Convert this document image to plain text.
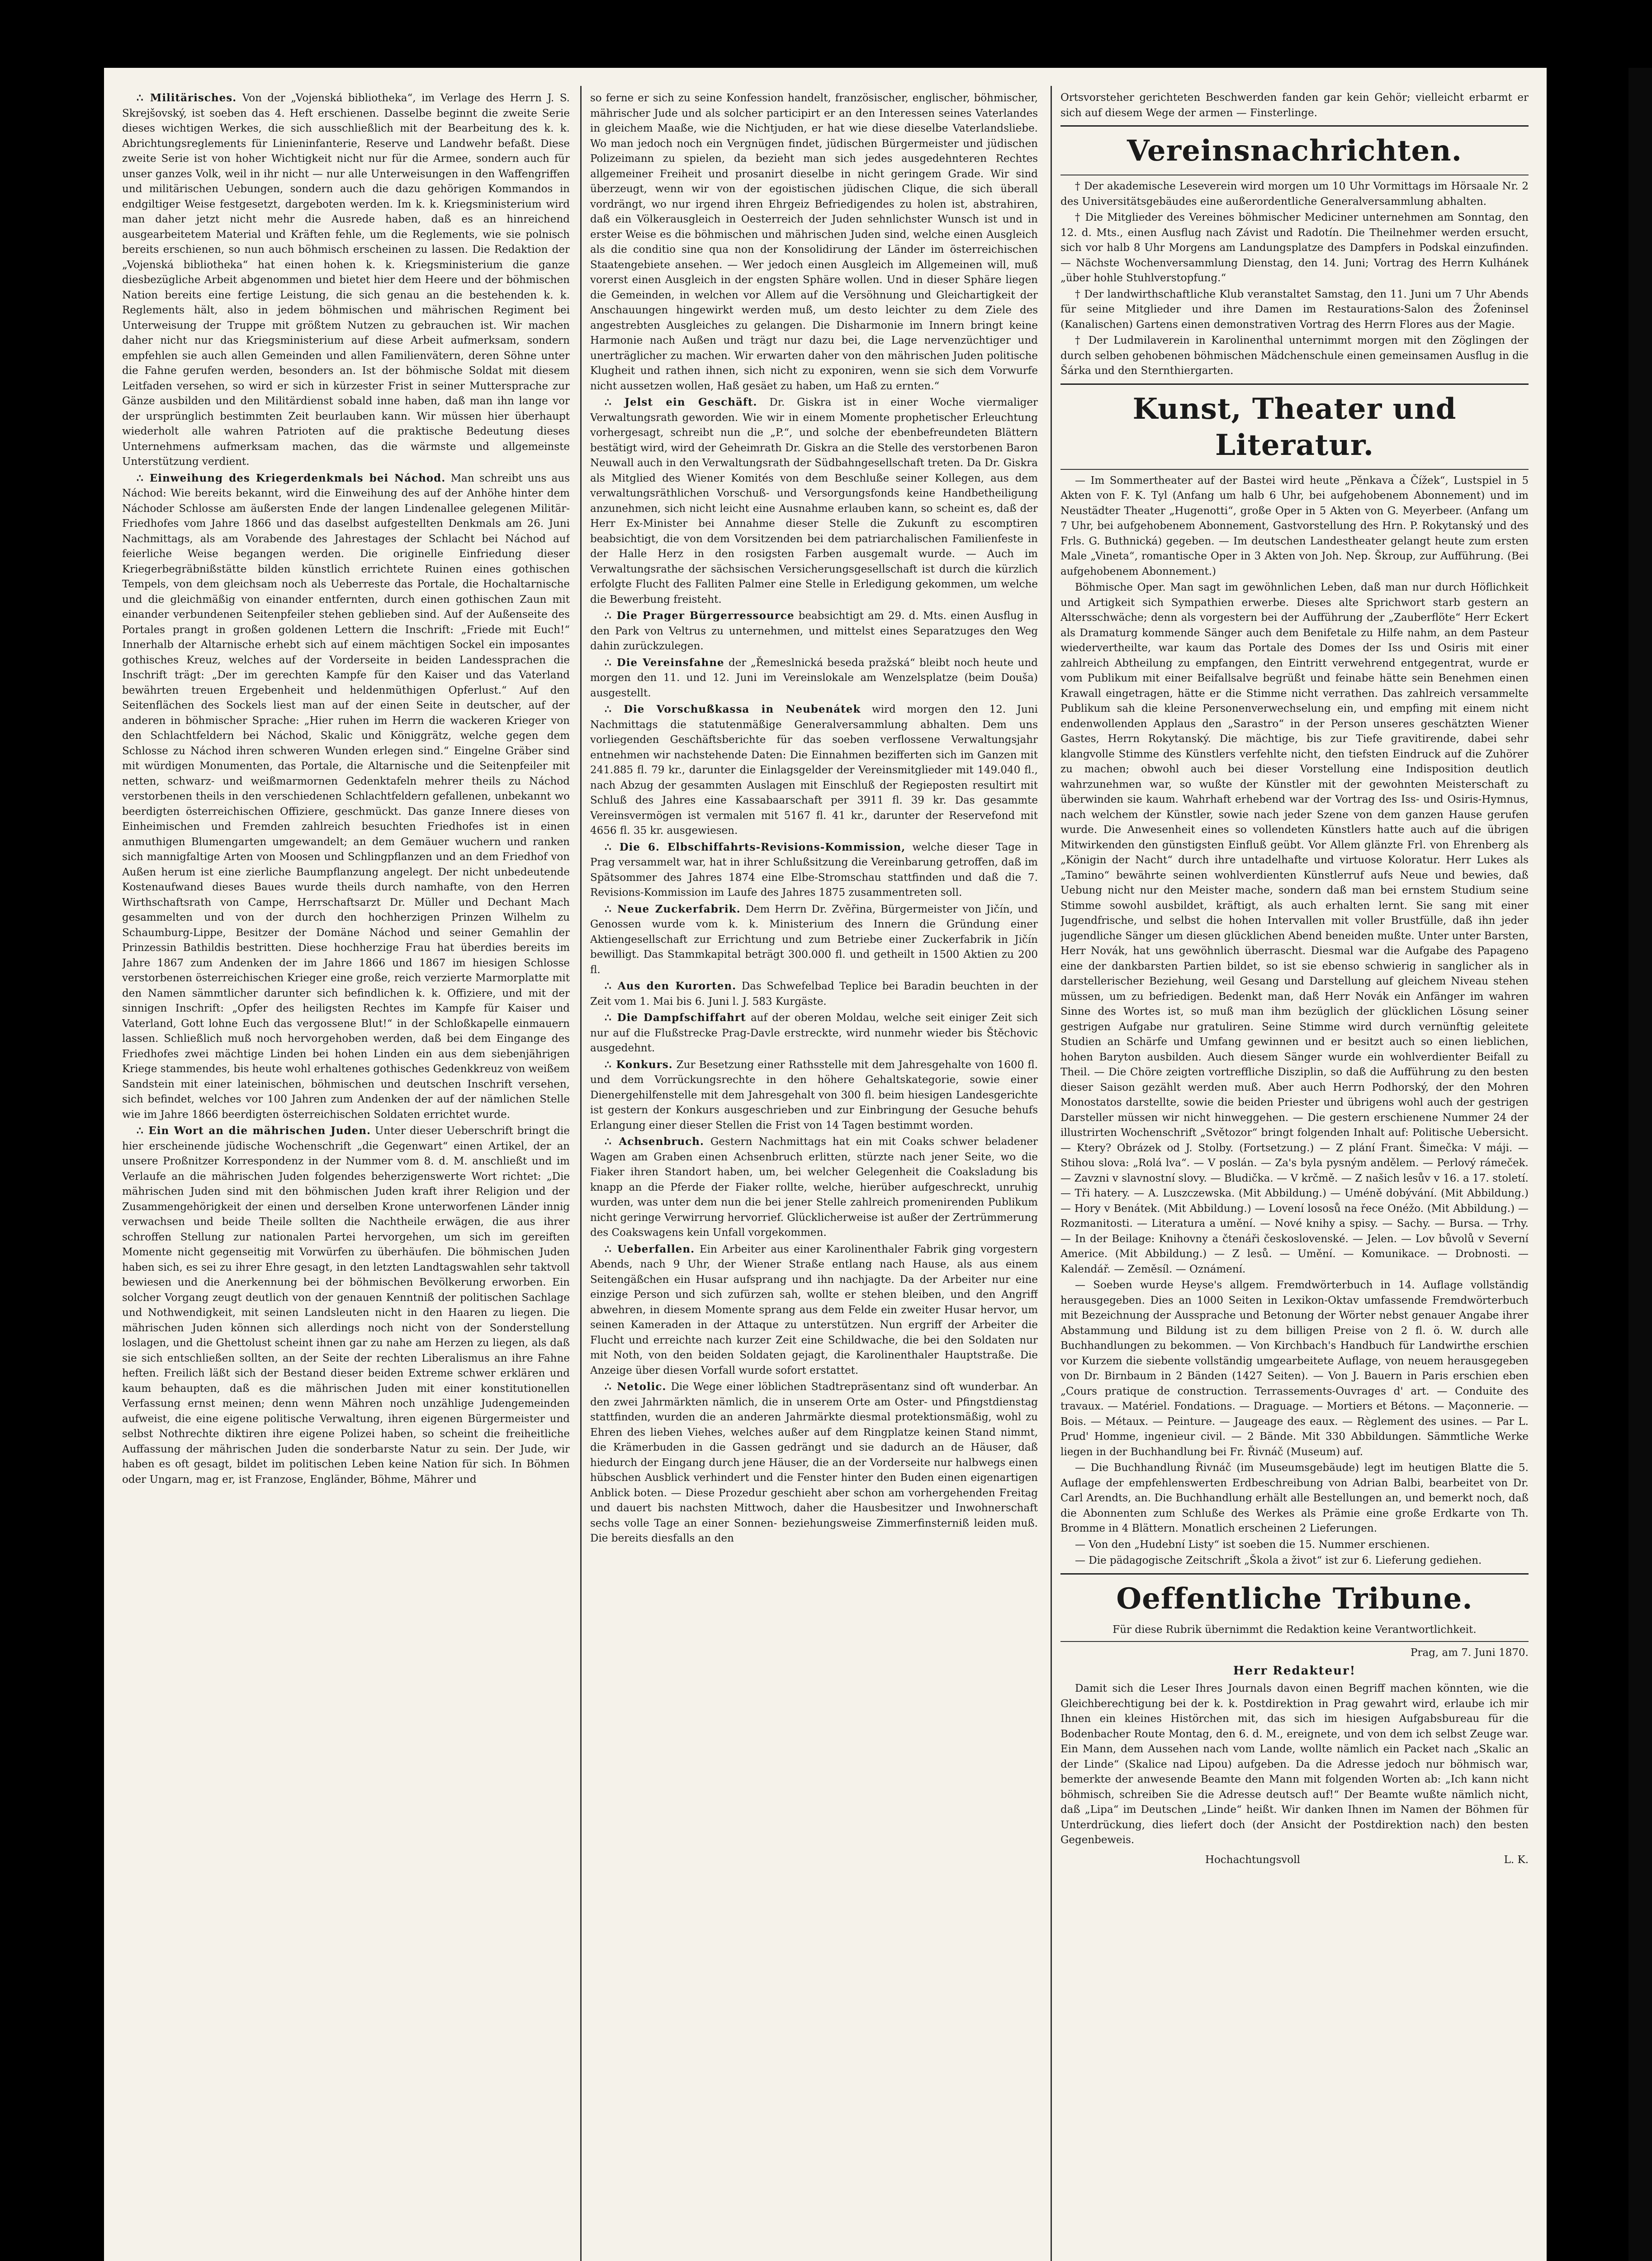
∴ Militärisches. Von der „Vojenská bibliotheka“, im Verlage des Herrn J. S. Skrejšovský, ist soeben das 4. Heft erschienen. Dasselbe beginnt die zweite Serie dieses wichtigen Werkes, die sich ausschließlich mit der Bearbeitung des k. k. Abrichtungsreglements für Linieninfanterie, Reserve und Landwehr befaßt. Diese zweite Serie ist von hoher Wichtigkeit nicht nur für die Armee, sondern auch für unser ganzes Volk, weil in ihr nicht — nur alle Unterweisungen in den Waffengriffen und militärischen Uebungen, sondern auch die dazu gehörigen Kommandos in endgiltiger Weise festgesetzt, dargeboten werden. Im k. k. Kriegsministerium wird man daher jetzt nicht mehr die Ausrede haben, daß es an hinreichend ausgearbeitetem Material und Kräften fehle, um die Reglements, wie sie polnisch bereits erschienen, so nun auch böhmisch erscheinen zu lassen. Die Redaktion der „Vojenská bibliotheka“ hat einen hohen k. k. Kriegsministerium die ganze diesbezügliche Arbeit abgenommen und bietet hier dem Heere und der böhmischen Nation bereits eine fertige Leistung, die sich genau an die bestehenden k. k. Reglements hält, also in jedem böhmischen und mährischen Regiment bei Unterweisung der Truppe mit größtem Nutzen zu gebrauchen ist. Wir machen daher nicht nur das Kriegsministerium auf diese Arbeit aufmerksam, sondern empfehlen sie auch allen Gemeinden und allen Familienvätern, deren Söhne unter die Fahne gerufen werden, besonders an. Ist der böhmische Soldat mit diesem Leitfaden versehen, so wird er sich in kürzester Frist in seiner Muttersprache zur Gänze ausbilden und den Militärdienst sobald inne haben, daß man ihn lange vor der ursprünglich bestimmten Zeit beurlauben kann. Wir müssen hier überhaupt wiederholt alle wahren Patrioten auf die praktische Bedeutung dieses Unternehmens aufmerksam machen, das die wärmste und allgemeinste Unterstützung verdient.

∴ Einweihung des Kriegerdenkmals bei Náchod. Man schreibt uns aus Náchod: Wie bereits bekannt, wird die Einweihung des auf der Anhöhe hinter dem Náchoder Schlosse am äußersten Ende der langen Lindenallee gelegenen Militär-Friedhofes vom Jahre 1866 und das daselbst aufgestellten Denkmals am 26. Juni Nachmittags, als am Vorabende des Jahrestages der Schlacht bei Náchod auf feierliche Weise begangen werden. Die originelle Einfriedung dieser Kriegerbegräbnißstätte bilden künstlich errichtete Ruinen eines gothischen Tempels, von dem gleichsam noch als Ueberreste das Portale, die Hochaltarnische und die gleichmäßig von einander entfernten, durch einen gothischen Zaun mit einander verbundenen Seitenpfeiler stehen geblieben sind. Auf der Außenseite des Portales prangt in großen goldenen Lettern die Inschrift: „Friede mit Euch!“ Innerhalb der Altarnische erhebt sich auf einem mächtigen Sockel ein imposantes gothisches Kreuz, welches auf der Vorderseite in beiden Landessprachen die Inschrift trägt: „Der im gerechten Kampfe für den Kaiser und das Vaterland bewährten treuen Ergebenheit und heldenmüthigen Opferlust.“ Auf den Seitenflächen des Sockels liest man auf der einen Seite in deutscher, auf der anderen in böhmischer Sprache: „Hier ruhen im Herrn die wackeren Krieger von den Schlachtfeldern bei Náchod, Skalic und Königgrätz, welche gegen dem Schlosse zu Náchod ihren schweren Wunden erlegen sind.“ Eingelne Gräber sind mit würdigen Monumenten, das Portale, die Altarnische und die Seitenpfeiler mit netten, schwarz- und weißmarmornen Gedenktafeln mehrer theils zu Náchod verstorbenen theils in den verschiedenen Schlachtfeldern gefallenen, unbekannt wo beerdigten österreichischen Offiziere, geschmückt. Das ganze Innere dieses von Einheimischen und Fremden zahlreich besuchten Friedhofes ist in einen anmuthigen Blumengarten umgewandelt; an dem Gemäuer wuchern und ranken sich mannigfaltige Arten von Moosen und Schlingpflanzen und an dem Friedhof von Außen herum ist eine zierliche Baumpflanzung angelegt. Der nicht unbedeutende Kostenaufwand dieses Baues wurde theils durch namhafte, von den Herren Wirthschaftsrath von Campe, Herrschaftsarzt Dr. Müller und Dechant Mach gesammelten und von der durch den hochherzigen Prinzen Wilhelm zu Schaumburg-Lippe, Besitzer der Domäne Náchod und seiner Gemahlin der Prinzessin Bathildis bestritten. Diese hochherzige Frau hat überdies bereits im Jahre 1867 zum Andenken der im Jahre 1866 und 1867 im hiesigen Schlosse verstorbenen österreichischen Krieger eine große, reich verzierte Marmorplatte mit den Namen sämmtlicher darunter sich befindlichen k. k. Offiziere, und mit der sinnigen Inschrift: „Opfer des heiligsten Rechtes im Kampfe für Kaiser und Vaterland, Gott lohne Euch das vergossene Blut!“ in der Schloßkapelle einmauern lassen. Schließlich muß noch hervorgehoben werden, daß bei dem Eingange des Friedhofes zwei mächtige Linden bei hohen Linden ein aus dem siebenjährigen Kriege stammendes, bis heute wohl erhaltenes gothisches Gedenkkreuz von weißem Sandstein mit einer lateinischen, böhmischen und deutschen Inschrift versehen, sich befindet, welches vor 100 Jahren zum Andenken der auf der nämlichen Stelle wie im Jahre 1866 beerdigten österreichischen Soldaten errichtet wurde.

∴ Ein Wort an die mährischen Juden. Unter dieser Ueberschrift bringt die hier erscheinende jüdische Wochenschrift „die Gegenwart“ einen Artikel, der an unsere Proßnitzer Korrespondenz in der Nummer vom 8. d. M. anschließt und im Verlaufe an die mährischen Juden folgendes beherzigenswerte Wort richtet: „Die mährischen Juden sind mit den böhmischen Juden kraft ihrer Religion und der Zusammengehörigkeit der einen und derselben Krone unterworfenen Länder innig verwachsen und beide Theile sollten die Nachtheile erwägen, die aus ihrer schroffen Stellung zur nationalen Partei hervorgehen, um sich im gereiften Momente nicht gegenseitig mit Vorwürfen zu überhäufen. Die böhmischen Juden haben sich, es sei zu ihrer Ehre gesagt, in den letzten Landtagswahlen sehr taktvoll bewiesen und die Anerkennung bei der böhmischen Bevölkerung erworben. Ein solcher Vorgang zeugt deutlich von der genauen Kenntniß der politischen Sachlage und Nothwendigkeit, mit seinen Landsleuten nicht in den Haaren zu liegen. Die mährischen Juden können sich allerdings noch nicht von der Sonderstellung loslagen, und die Ghettolust scheint ihnen gar zu nahe am Herzen zu liegen, als daß sie sich entschließen sollten, an der Seite der rechten Liberalismus an ihre Fahne heften. Freilich läßt sich der Bestand dieser beiden Extreme schwer erklären und kaum behaupten, daß es die mährischen Juden mit einer konstitutionellen Verfassung ernst meinen; denn wenn Mähren noch unzählige Judengemeinden aufweist, die eine eigene politische Verwaltung, ihren eigenen Bürgermeister und selbst Nothrechte diktiren ihre eigene Polizei haben, so scheint die freiheitliche Auffassung der mährischen Juden die sonderbarste Natur zu sein. Der Jude, wir haben es oft gesagt, bildet im politischen Leben keine Nation für sich. In Böhmen oder Ungarn, mag er, ist Franzose, Engländer, Böhme, Mährer und

so ferne er sich zu seine Konfession handelt, französischer, englischer, böhmischer, mährischer Jude und als solcher participirt er an den Interessen seines Vaterlandes in gleichem Maaße, wie die Nichtjuden, er hat wie diese dieselbe Vaterlandsliebe. Wo man jedoch noch ein Vergnügen findet, jüdischen Bürgermeister und jüdischen Polizeimann zu spielen, da bezieht man sich jedes ausgedehnteren Rechtes allgemeiner Freiheit und prosanirt dieselbe in nicht geringem Grade. Wir sind überzeugt, wenn wir von der egoistischen jüdischen Clique, die sich überall vordrängt, wo nur irgend ihren Ehrgeiz Befriedigendes zu holen ist, abstrahiren, daß ein Völkerausgleich in Oesterreich der Juden sehnlichster Wunsch ist und in erster Weise es die böhmischen und mährischen Juden sind, welche einen Ausgleich als die conditio sine qua non der Konsolidirung der Länder im österreichischen Staatengebiete ansehen. — Wer jedoch einen Ausgleich im Allgemeinen will, muß vorerst einen Ausgleich in der engsten Sphäre wollen. Und in dieser Sphäre liegen die Gemeinden, in welchen vor Allem auf die Versöhnung und Gleichartigkeit der Anschauungen hingewirkt werden muß, um desto leichter zu dem Ziele des angestrebten Ausgleiches zu gelangen. Die Disharmonie im Innern bringt keine Harmonie nach Außen und trägt nur dazu bei, die Lage nervenzüchtiger und unerträglicher zu machen. Wir erwarten daher von den mährischen Juden politische Klugheit und rathen ihnen, sich nicht zu exponiren, wenn sie sich dem Vorwurfe nicht aussetzen wollen, Haß gesäet zu haben, um Haß zu ernten.“

∴ Jelst ein Geschäft. Dr. Giskra ist in einer Woche viermaliger Verwaltungsrath geworden. Wie wir in einem Momente prophetischer Erleuchtung vorhergesagt, schreibt nun die „P.“, und solche der ebenbefreundeten Blättern bestätigt wird, wird der Geheimrath Dr. Giskra an die Stelle des verstorbenen Baron Neuwall auch in den Verwaltungsrath der Südbahngesellschaft treten. Da Dr. Giskra als Mitglied des Wiener Komités von dem Beschluße seiner Kollegen, aus dem verwaltungsräthlichen Vorschuß- und Versorgungsfonds keine Handbetheiligung anzunehmen, sich nicht leicht eine Ausnahme erlauben kann, so scheint es, daß der Herr Ex-Minister bei Annahme dieser Stelle die Zukunft zu escomptiren beabsichtigt, die von dem Vorsitzenden bei dem patriarchalischen Familienfeste in der Halle Herz in den rosigsten Farben ausgemalt wurde. — Auch im Verwaltungsrathe der sächsischen Versicherungsgesellschaft ist durch die kürzlich erfolgte Flucht des Falliten Palmer eine Stelle in Erledigung gekommen, um welche die Bewerbung freisteht.

∴ Die Prager Bürgerressource beabsichtigt am 29. d. Mts. einen Ausflug in den Park von Veltrus zu unternehmen, und mittelst eines Separatzuges den Weg dahin zurückzulegen.

∴ Die Vereinsfahne der „Řemeslnická beseda pražská“ bleibt noch heute und morgen den 11. und 12. Juni im Vereinslokale am Wenzelsplatze (beim Douša) ausgestellt.

∴ Die Vorschußkassa in Neubenátek wird morgen den 12. Juni Nachmittags die statutenmäßige Generalversammlung abhalten. Dem uns vorliegenden Geschäftsberichte für das soeben verflossene Verwaltungsjahr entnehmen wir nachstehende Daten: Die Einnahmen bezifferten sich im Ganzen mit 241.885 fl. 79 kr., darunter die Einlagsgelder der Vereinsmitglieder mit 149.040 fl., nach Abzug der gesammten Auslagen mit Einschluß der Regieposten resultirt mit Schluß des Jahres eine Kassabaarschaft per 3911 fl. 39 kr. Das gesammte Vereinsvermögen ist vermalen mit 5167 fl. 41 kr., darunter der Reservefond mit 4656 fl. 35 kr. ausgewiesen.

∴ Die 6. Elbschiffahrts-Revisions-Kommission, welche dieser Tage in Prag versammelt war, hat in ihrer Schlußsitzung die Vereinbarung getroffen, daß im Spätsommer des Jahres 1874 eine Elbe-Stromschau stattfinden und daß die 7. Revisions-Kommission im Laufe des Jahres 1875 zusammentreten soll.

∴ Neue Zuckerfabrik. Dem Herrn Dr. Zvěřina, Bürgermeister von Jičín, und Genossen wurde vom k. k. Ministerium des Innern die Gründung einer Aktiengesellschaft zur Errichtung und zum Betriebe einer Zuckerfabrik in Jičín bewilligt. Das Stammkapital beträgt 300.000 fl. und getheilt in 1500 Aktien zu 200 fl.

∴ Aus den Kurorten. Das Schwefelbad Teplice bei Baradin beuchten in der Zeit vom 1. Mai bis 6. Juni l. J. 583 Kurgäste.

∴ Die Dampfschiffahrt auf der oberen Moldau, welche seit einiger Zeit sich nur auf die Flußstrecke Prag-Davle erstreckte, wird nunmehr wieder bis Štěchovic ausgedehnt.

∴ Konkurs. Zur Besetzung einer Rathsstelle mit dem Jahresgehalte von 1600 fl. und dem Vorrückungsrechte in den höhere Gehaltskategorie, sowie einer Dienergehilfenstelle mit dem Jahresgehalt von 300 fl. beim hiesigen Landesgerichte ist gestern der Konkurs ausgeschrieben und zur Einbringung der Gesuche behufs Erlangung einer dieser Stellen die Frist von 14 Tagen bestimmt worden.

∴ Achsenbruch. Gestern Nachmittags hat ein mit Coaks schwer beladener Wagen am Graben einen Achsenbruch erlitten, stürzte nach jener Seite, wo die Fiaker ihren Standort haben, um, bei welcher Gelegenheit die Coaksladung bis knapp an die Pferde der Fiaker rollte, welche, hierüber aufgeschreckt, unruhig wurden, was unter dem nun die bei jener Stelle zahlreich promenirenden Publikum nicht geringe Verwirrung hervorrief. Glücklicherweise ist außer der Zertrümmerung des Coakswagens kein Unfall vorgekommen.

∴ Ueberfallen. Ein Arbeiter aus einer Karolinenthaler Fabrik ging vorgestern Abends, nach 9 Uhr, der Wiener Straße entlang nach Hause, als aus einem Seitengäßchen ein Husar aufsprang und ihn nachjagte. Da der Arbeiter nur eine einzige Person und sich zufürzen sah, wollte er stehen bleiben, und den Angriff abwehren, in diesem Momente sprang aus dem Felde ein zweiter Husar hervor, um seinen Kameraden in der Attaque zu unterstützen. Nun ergriff der Arbeiter die Flucht und erreichte nach kurzer Zeit eine Schildwache, die bei den Soldaten nur mit Noth, von den beiden Soldaten gejagt, die Karolinenthaler Hauptstraße. Die Anzeige über diesen Vorfall wurde sofort erstattet.

∴ Netolic. Die Wege einer löblichen Stadtrepräsentanz sind oft wunderbar. An den zwei Jahrmärkten nämlich, die in unserem Orte am Oster- und Pfingstdienstag stattfinden, wurden die an anderen Jahrmärkte diesmal protektionsmäßig, wohl zu Ehren des lieben Viehes, welches außer auf dem Ringplatze keinen Stand nimmt, die Krämerbuden in die Gassen gedrängt und sie dadurch an de Häuser, daß hiedurch der Eingang durch jene Häuser, die an der Vorderseite nur halbwegs einen hübschen Ausblick verhindert und die Fenster hinter den Buden einen eigenartigen Anblick boten. — Diese Prozedur geschieht aber schon am vorhergehenden Freitag und dauert bis nachsten Mittwoch, daher die Hausbesitzer und Inwohnerschaft sechs volle Tage an einer Sonnen- beziehungsweise Zimmerfinsterniß leiden muß. Die bereits diesfalls an den

Ortsvorsteher gerichteten Beschwerden fanden gar kein Gehör; vielleicht erbarmt er sich auf diesem Wege der armen — Finsterlinge.

Vereinsnachrichten.

† Der akademische Leseverein wird morgen um 10 Uhr Vormittags im Hörsaale Nr. 2 des Universitätsgebäudes eine außerordentliche Generalversammlung abhalten.

† Die Mitglieder des Vereines böhmischer Mediciner unternehmen am Sonntag, den 12. d. Mts., einen Ausflug nach Závist und Radotín. Die Theilnehmer werden ersucht, sich vor halb 8 Uhr Morgens am Landungsplatze des Dampfers in Podskal einzufinden. — Nächste Wochenversammlung Dienstag, den 14. Juni; Vortrag des Herrn Kulhánek „über hohle Stuhlverstopfung.“

† Der landwirthschaftliche Klub veranstaltet Samstag, den 11. Juni um 7 Uhr Abends für seine Mitglieder und ihre Damen im Restaurations-Salon des Žofeninsel (Kanalischen) Gartens einen demonstrativen Vortrag des Herrn Flores aus der Magie.

† Der Ludmilaverein in Karolinenthal unternimmt morgen mit den Zöglingen der durch selben gehobenen böhmischen Mädchenschule einen gemeinsamen Ausflug in die Šárka und den Sternthiergarten.

Kunst, Theater und Literatur.

— Im Sommertheater auf der Bastei wird heute „Pěnkava a Čížek“, Lustspiel in 5 Akten von F. K. Tyl (Anfang um halb 6 Uhr, bei aufgehobenem Abonnement) und im Neustädter Theater „Hugenotti“, große Oper in 5 Akten von G. Meyerbeer. (Anfang um 7 Uhr, bei aufgehobenem Abonnement, Gastvorstellung des Hrn. P. Rokytanský und des Frls. G. Buthnická) gegeben. — Im deutschen Landestheater gelangt heute zum ersten Male „Vineta“, romantische Oper in 3 Akten von Joh. Nep. Škroup, zur Aufführung. (Bei aufgehobenem Abonnement.)

Böhmische Oper. Man sagt im gewöhnlichen Leben, daß man nur durch Höflichkeit und Artigkeit sich Sympathien erwerbe. Dieses alte Sprichwort starb gestern an Altersschwäche; denn als vorgestern bei der Aufführung der „Zauberflöte“ Herr Eckert als Dramaturg kommende Sänger auch dem Benifetale zu Hilfe nahm, an dem Pasteur wiedervertheilte, war kaum das Portale des Domes der Iss und Osiris mit einer zahlreich Abtheilung zu empfangen, den Eintritt verwehrend entgegentrat, wurde er vom Publikum mit einer Beifallsalve begrüßt und feinabe hätte sein Benehmen einen Krawall eingetragen, hätte er die Stimme nicht verrathen. Das zahlreich versammelte Publikum sah die kleine Personenverwechselung ein, und empfing mit einem nicht endenwollenden Applaus den „Sarastro“ in der Person unseres geschätzten Wiener Gastes, Herrn Rokytanský. Die mächtige, bis zur Tiefe gravitirende, dabei sehr klangvolle Stimme des Künstlers verfehlte nicht, den tiefsten Eindruck auf die Zuhörer zu machen; obwohl auch bei dieser Vorstellung eine Indisposition deutlich wahrzunehmen war, so wußte der Künstler mit der gewohnten Meisterschaft zu überwinden sie kaum. Wahrhaft erhebend war der Vortrag des Iss- und Osiris-Hymnus, nach welchem der Künstler, sowie nach jeder Szene von dem ganzen Hause gerufen wurde. Die Anwesenheit eines so vollendeten Künstlers hatte auch auf die übrigen Mitwirkenden den günstigsten Einfluß geübt. Vor Allem glänzte Frl. von Ehrenberg als „Königin der Nacht“ durch ihre untadelhafte und virtuose Koloratur. Herr Lukes als „Tamino“ bewährte seinen wohlverdienten Künstlerruf aufs Neue und bewies, daß Uebung nicht nur den Meister mache, sondern daß man bei ernstem Studium seine Stimme sowohl ausbildet, kräftigt, als auch erhalten lernt. Sie sang mit einer Jugendfrische, und selbst die hohen Intervallen mit voller Brustfülle, daß ihn jeder jugendliche Sänger um diesen glücklichen Abend beneiden mußte. Unter unter Barsten, Herr Novák, hat uns gewöhnlich überrascht. Diesmal war die Aufgabe des Papageno eine der dankbarsten Partien bildet, so ist sie ebenso schwierig in sanglicher als in darstellerischer Beziehung, weil Gesang und Darstellung auf gleichem Niveau stehen müssen, um zu befriedigen. Bedenkt man, daß Herr Novák ein Anfänger im wahren Sinne des Wortes ist, so muß man ihm bezüglich der glücklichen Lösung seiner gestrigen Aufgabe nur gratuliren. Seine Stimme wird durch vernünftig geleitete Studien an Schärfe und Umfang gewinnen und er besitzt auch so einen lieblichen, hohen Baryton ausbilden. Auch diesem Sänger wurde ein wohlverdienter Beifall zu Theil. — Die Chöre zeigten vortreffliche Disziplin, so daß die Aufführung zu den besten dieser Saison gezählt werden muß. Aber auch Herrn Podhorský, der den Mohren Monostatos darstellte, sowie die beiden Priester und übrigens wohl auch der gestrigen Darsteller müssen wir nicht hinweggehen. — Die gestern erschienene Nummer 24 der illustrirten Wochenschrift „Světozor“ bringt folgenden Inhalt auf: Politische Uebersicht. — Ktery? Obrázek od J. Stolby. (Fortsetzung.) — Z plání Frant. Šimečka: V máji. — Stihou slova: „Rolá lva“. — V poslán. — Za's byla pysným andělem. — Perlový rámeček. — Zavzni v slavnostní slovy. — Bludička. — V krčmě. — Z našich lesův v 16. a 17. století. — Tři hatery. — A. Luszczewska. (Mit Abbildung.) — Uméně dobývání. (Mit Abbildung.) — Hory v Benátek. (Mit Abbildung.) — Lovení lososů na řece Onéžo. (Mit Abbildung.) — Rozmanitosti. — Literatura a umění. — Nové knihy a spisy. — Sachy. — Bursa. — Trhy. — In der Beilage: Knihovny a čtenáři československé. — Jelen. — Lov bůvolů v Severní Americe. (Mit Abbildung.) — Z lesů. — Umění. — Komunikace. — Drobnosti. — Kalendář. — Zeměsíl. — Oznámení.

— Soeben wurde Heyse's allgem. Fremdwörterbuch in 14. Auflage vollständig herausgegeben. Dies an 1000 Seiten in Lexikon-Oktav umfassende Fremdwörterbuch mit Bezeichnung der Aussprache und Betonung der Wörter nebst genauer Angabe ihrer Abstammung und Bildung ist zu dem billigen Preise von 2 fl. ö. W. durch alle Buchhandlungen zu bekommen. — Von Kirchbach's Handbuch für Landwirthe erschien vor Kurzem die siebente vollständig umgearbeitete Auflage, von neuem herausgegeben von Dr. Birnbaum in 2 Bänden (1427 Seiten). — Von J. Bauern in Paris erschien eben „Cours pratique de construction. Terrassements-Ouvrages d' art. — Conduite des travaux. — Matériel. Fondations. — Draguage. — Mortiers et Bétons. — Maçonnerie. — Bois. — Métaux. — Peinture. — Jaugeage des eaux. — Règlement des usines. — Par L. Prud' Homme, ingenieur civil. — 2 Bände. Mit 330 Abbildungen. Sämmtliche Werke liegen in der Buchhandlung bei Fr. Řivnáč (Museum) auf.

— Die Buchhandlung Řivnáč (im Museumsgebäude) legt im heutigen Blatte die 5. Auflage der empfehlenswerten Erdbeschreibung von Adrian Balbi, bearbeitet von Dr. Carl Arendts, an. Die Buchhandlung erhält alle Bestellungen an, und bemerkt noch, daß die Abonnenten zum Schluße des Werkes als Prämie eine große Erdkarte von Th. Bromme in 4 Blättern. Monatlich erscheinen 2 Lieferungen.

— Von den „Hudební Listy“ ist soeben die 15. Nummer erschienen.

— Die pädagogische Zeitschrift „Škola a život“ ist zur 6. Lieferung gediehen.

Oeffentliche Tribune.

Für diese Rubrik übernimmt die Redaktion keine Verantwortlichkeit.

Prag, am 7. Juni 1870.

Herr Redakteur!

Damit sich die Leser Ihres Journals davon einen Begriff machen könnten, wie die Gleichberechtigung bei der k. k. Postdirektion in Prag gewahrt wird, erlaube ich mir Ihnen ein kleines Histörchen mit, das sich im hiesigen Aufgabsbureau für die Bodenbacher Route Montag, den 6. d. M., ereignete, und von dem ich selbst Zeuge war. Ein Mann, dem Aussehen nach vom Lande, wollte nämlich ein Packet nach „Skalic an der Linde“ (Skalice nad Lipou) aufgeben. Da die Adresse jedoch nur böhmisch war, bemerkte der anwesende Beamte den Mann mit folgenden Worten ab: „Ich kann nicht böhmisch, schreiben Sie die Adresse deutsch auf!“ Der Beamte wußte nämlich nicht, daß „Lipa“ im Deutschen „Linde“ heißt. Wir danken Ihnen im Namen der Böhmen für Unterdrückung, dies liefert doch (der Ansicht der Postdirektion nach) den besten Gegenbeweis.

Hochachtungsvoll	L. K.
